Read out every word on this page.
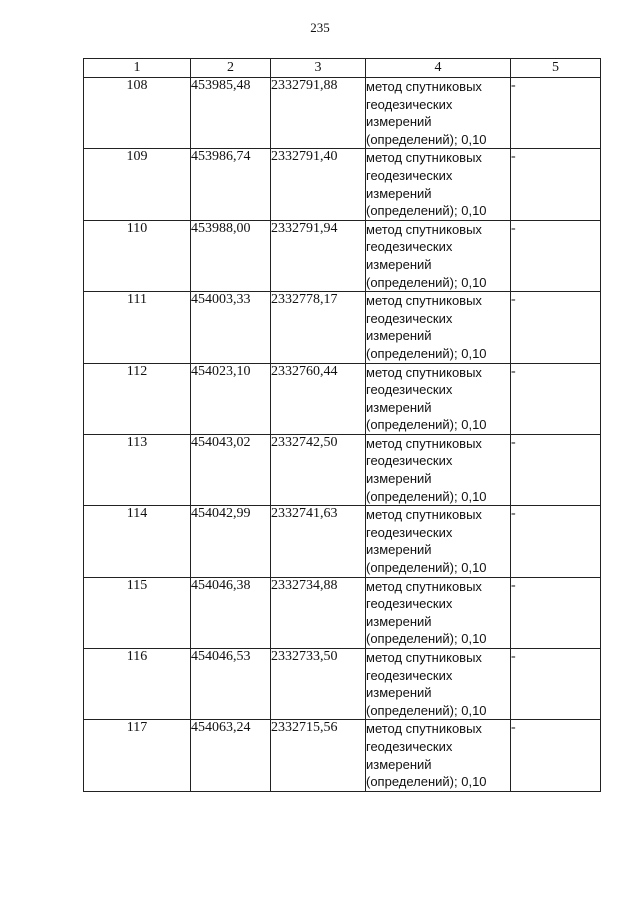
235
1	2	3	4	5
108	453985,48	2332791,88	метод спутниковых
геодезических
измерений
(определений); 0,10	-
109	453986,74	2332791,40	метод спутниковых
геодезических
измерений
(определений); 0,10	-
110	453988,00	2332791,94	метод спутниковых
геодезических
измерений
(определений); 0,10	-
111	454003,33	2332778,17	метод спутниковых
геодезических
измерений
(определений); 0,10	-
112	454023,10	2332760,44	метод спутниковых
геодезических
измерений
(определений); 0,10	-
113	454043,02	2332742,50	метод спутниковых
геодезических
измерений
(определений); 0,10	-
114	454042,99	2332741,63	метод спутниковых
геодезических
измерений
(определений); 0,10	-
115	454046,38	2332734,88	метод спутниковых
геодезических
измерений
(определений); 0,10	-
116	454046,53	2332733,50	метод спутниковых
геодезических
измерений
(определений); 0,10	-
117	454063,24	2332715,56	метод спутниковых
геодезических
измерений
(определений); 0,10	-
